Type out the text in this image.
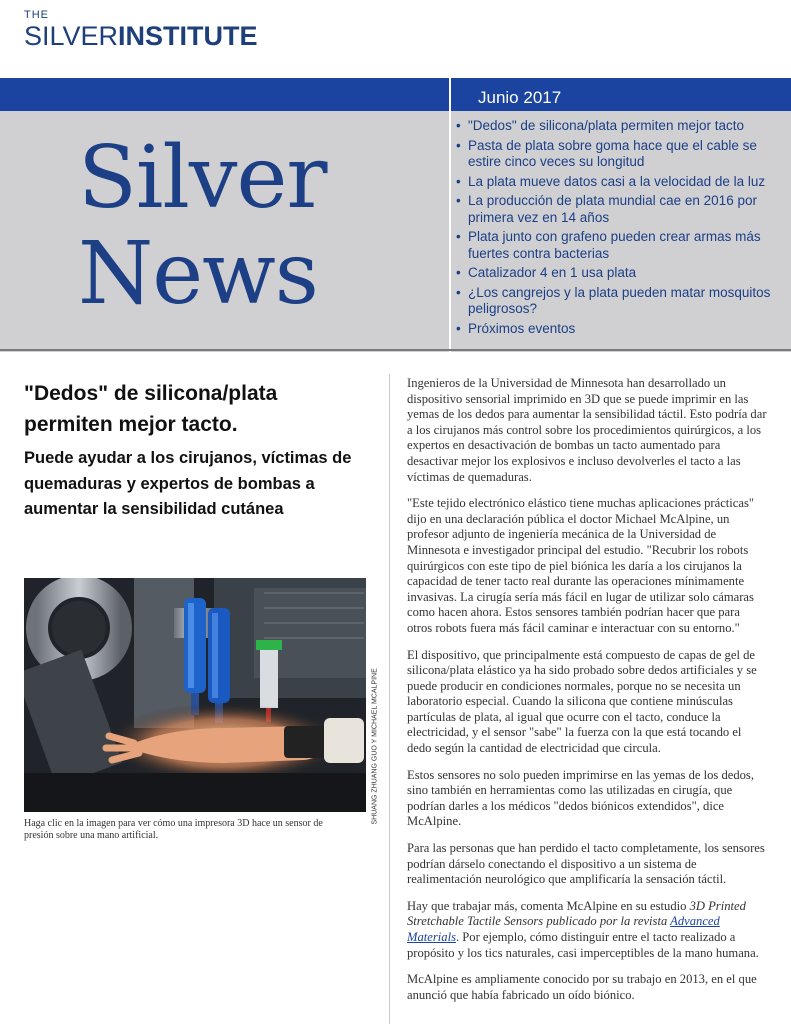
THE
SILVERINSTITUTE
Junio 2017
Silver
News
• "Dedos" de silicona/plata permiten mejor tacto
• Pasta de plata sobre goma hace que el cable se estire cinco veces su longitud
• La plata mueve datos casi a la velocidad de la luz
• La producción de plata mundial cae en 2016 por primera vez en 14 años
• Plata junto con grafeno pueden crear armas más fuertes contra bacterias
• Catalizador 4 en 1 usa plata
• ¿Los cangrejos y la plata pueden matar mosquitos peligrosos?
• Próximos eventos
"Dedos" de silicona/plata permiten mejor tacto.
Puede ayudar a los cirujanos, víctimas de quemaduras y expertos de bombas a aumentar la sensibilidad cutánea
SHUANG ZHUANG GUO Y MICHAEL MCALPINE
Haga clic en la imagen para ver cómo una impresora 3D hace un sensor de presión sobre una mano artificial.

Ingenieros de la Universidad de Minnesota han desarrollado un dispositivo sensorial imprimido en 3D que se puede imprimir en las yemas de los dedos para aumentar la sensibilidad táctil. Esto podría dar a los cirujanos más control sobre los procedimientos quirúrgicos, a los expertos en desactivación de bombas un tacto aumentado para desactivar mejor los explosivos e incluso devolverles el tacto a las víctimas de quemaduras.

"Este tejido electrónico elástico tiene muchas aplicaciones prácticas" dijo en una declaración pública el doctor Michael McAlpine, un profesor adjunto de ingeniería mecánica de la Universidad de Minnesota e investigador principal del estudio. "Recubrir los robots quirúrgicos con este tipo de piel biónica les daría a los cirujanos la capacidad de tener tacto real durante las operaciones mínimamente invasivas. La cirugía sería más fácil en lugar de utilizar solo cámaras como hacen ahora. Estos sensores también podrían hacer que para otros robots fuera más fácil caminar e interactuar con su entorno."

El dispositivo, que principalmente está compuesto de capas de gel de silicona/plata elástico ya ha sido probado sobre dedos artificiales y se puede producir en condiciones normales, porque no se necesita un laboratorio especial. Cuando la silicona que contiene minúsculas partículas de plata, al igual que ocurre con el tacto, conduce la electricidad, y el sensor "sabe" la fuerza con la que está tocando el dedo según la cantidad de electricidad que circula.

Estos sensores no solo pueden imprimirse en las yemas de los dedos, sino también en herramientas como las utilizadas en cirugía, que podrían darles a los médicos "dedos biónicos extendidos", dice McAlpine.

Para las personas que han perdido el tacto completamente, los sensores podrían dárselo conectando el dispositivo a un sistema de realimentación neurológico que amplificaría la sensación táctil.

Hay que trabajar más, comenta McAlpine en su estudio 3D Printed Stretchable Tactile Sensors publicado por la revista Advanced Materials. Por ejemplo, cómo distinguir entre el tacto realizado a propósito y los tics naturales, casi imperceptibles de la mano humana.

McAlpine es ampliamente conocido por su trabajo en 2013, en el que anunció que había fabricado un oído biónico.
